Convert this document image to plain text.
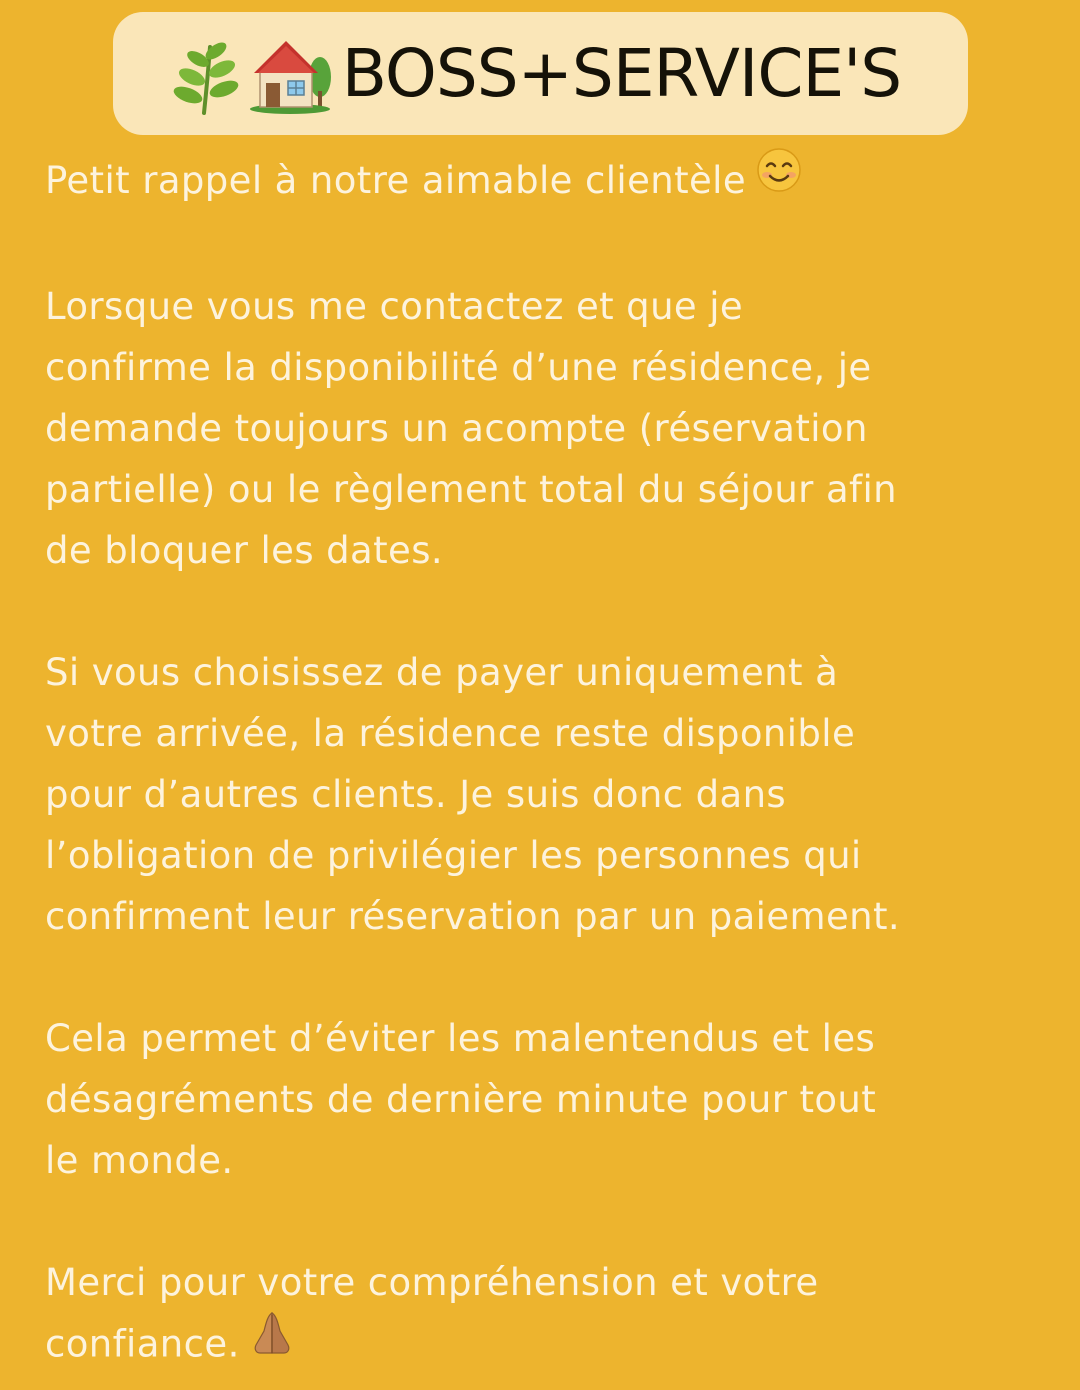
BOSS+SERVICE'S

Petit rappel à notre aimable clientèle

Lorsque vous me contactez et que je
confirme la disponibilité d’une résidence, je
demande toujours un acompte (réservation
partielle) ou le règlement total du séjour afin
de bloquer les dates.

Si vous choisissez de payer uniquement à
votre arrivée, la résidence reste disponible
pour d’autres clients. Je suis donc dans
l’obligation de privilégier les personnes qui
confirment leur réservation par un paiement.

Cela permet d’éviter les malentendus et les
désagréments de dernière minute pour tout
le monde.

Merci pour votre compréhension et votre
confiance.
